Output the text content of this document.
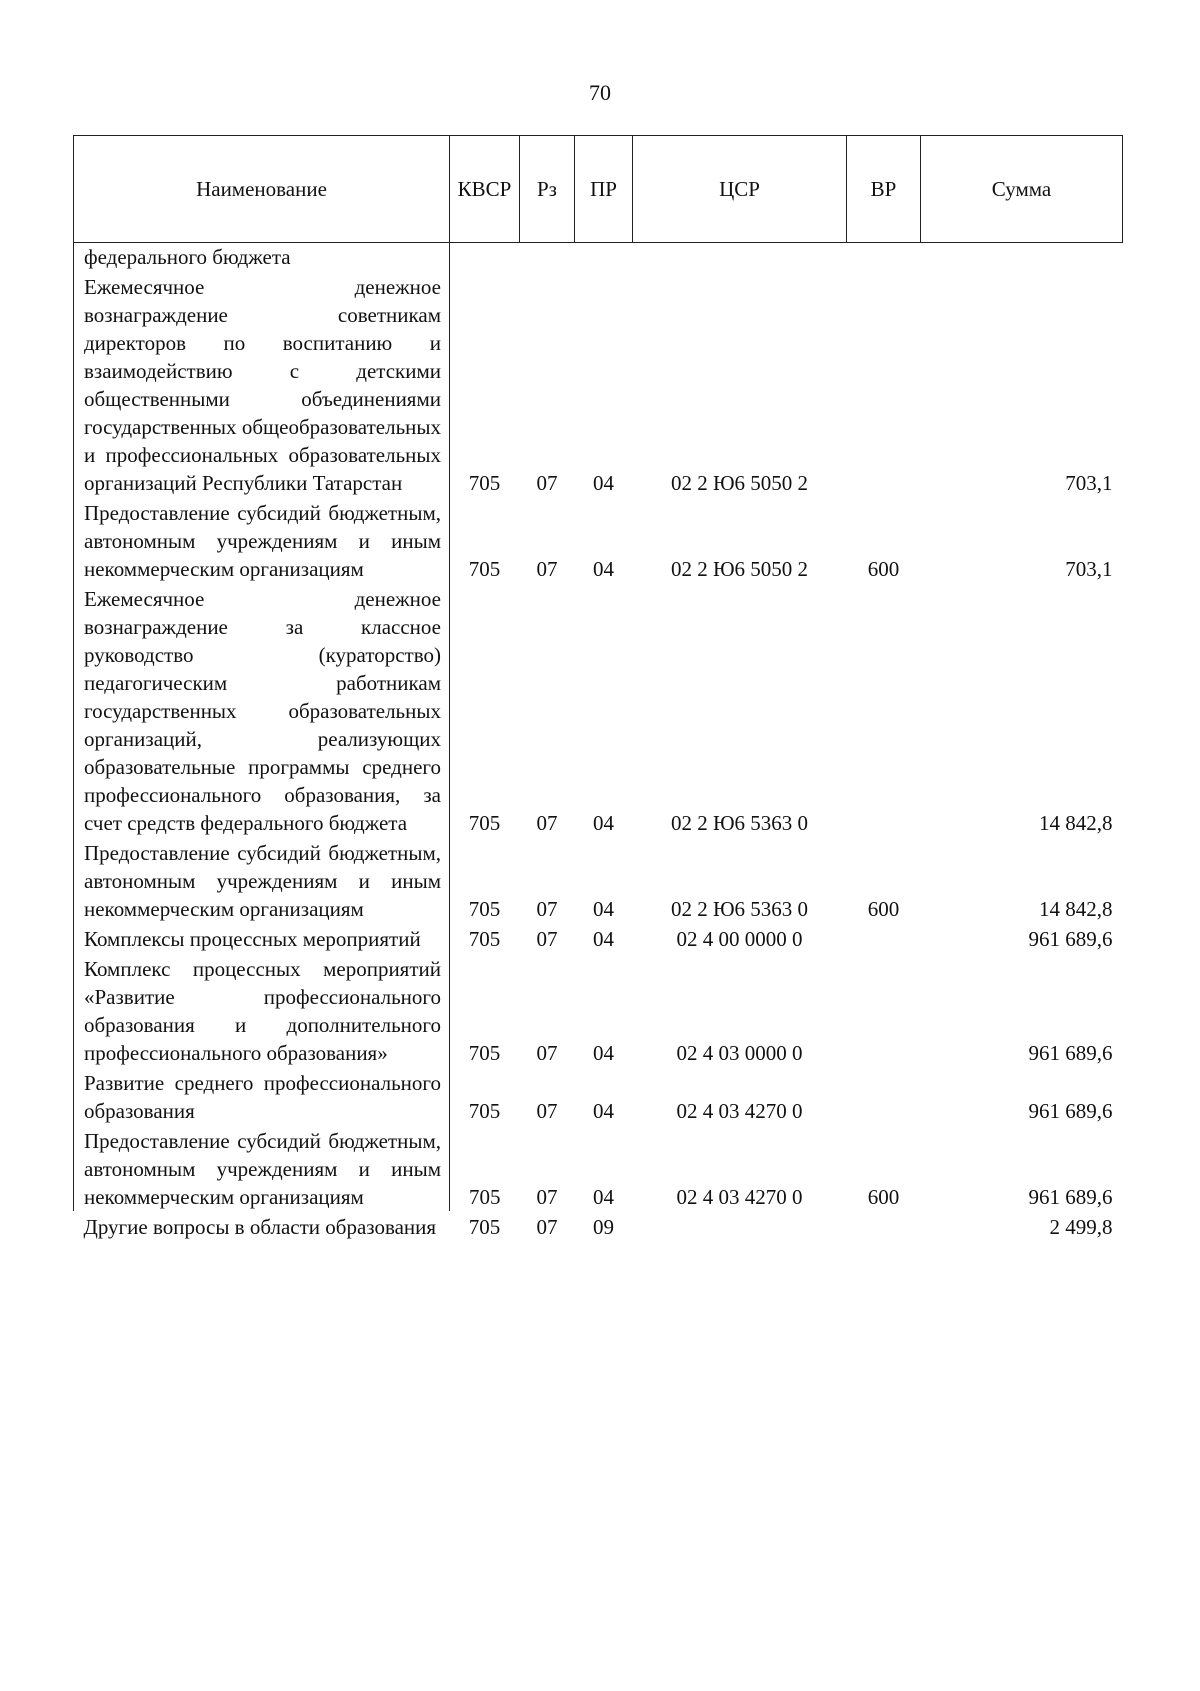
70
Наименование	КВСР	Рз	ПР	ЦСР	ВР	Сумма
федерального бюджета						
Ежемесячное денежное вознаграждение советникам директоров по воспитанию и взаимодействию с детскими общественными объединениями государственных общеобразовательных и профессиональных образовательных организаций Республики Татарстан	705	07	04	02 2 Ю6 5050 2		703,1
Предоставление субсидий бюджетным, автономным учреждениям и иным некоммерческим организациям	705	07	04	02 2 Ю6 5050 2	600	703,1
Ежемесячное денежное вознаграждение за классное руководство (кураторство) педагогическим работникам государственных образовательных организаций, реализующих образовательные программы среднего профессионального образования, за счет средств федерального бюджета	705	07	04	02 2 Ю6 5363 0		14 842,8
Предоставление субсидий бюджетным, автономным учреждениям и иным некоммерческим организациям	705	07	04	02 2 Ю6 5363 0	600	14 842,8
Комплексы процессных мероприятий	705	07	04	02 4 00 0000 0		961 689,6
Комплекс процессных мероприятий «Развитие профессионального образования и дополнительного профессионального образования»	705	07	04	02 4 03 0000 0		961 689,6
Развитие среднего профессионального образования	705	07	04	02 4 03 4270 0		961 689,6
Предоставление субсидий бюджетным, автономным учреждениям и иным некоммерческим организациям	705	07	04	02 4 03 4270 0	600	961 689,6
Другие вопросы в области образования	705	07	09			2 499,8
